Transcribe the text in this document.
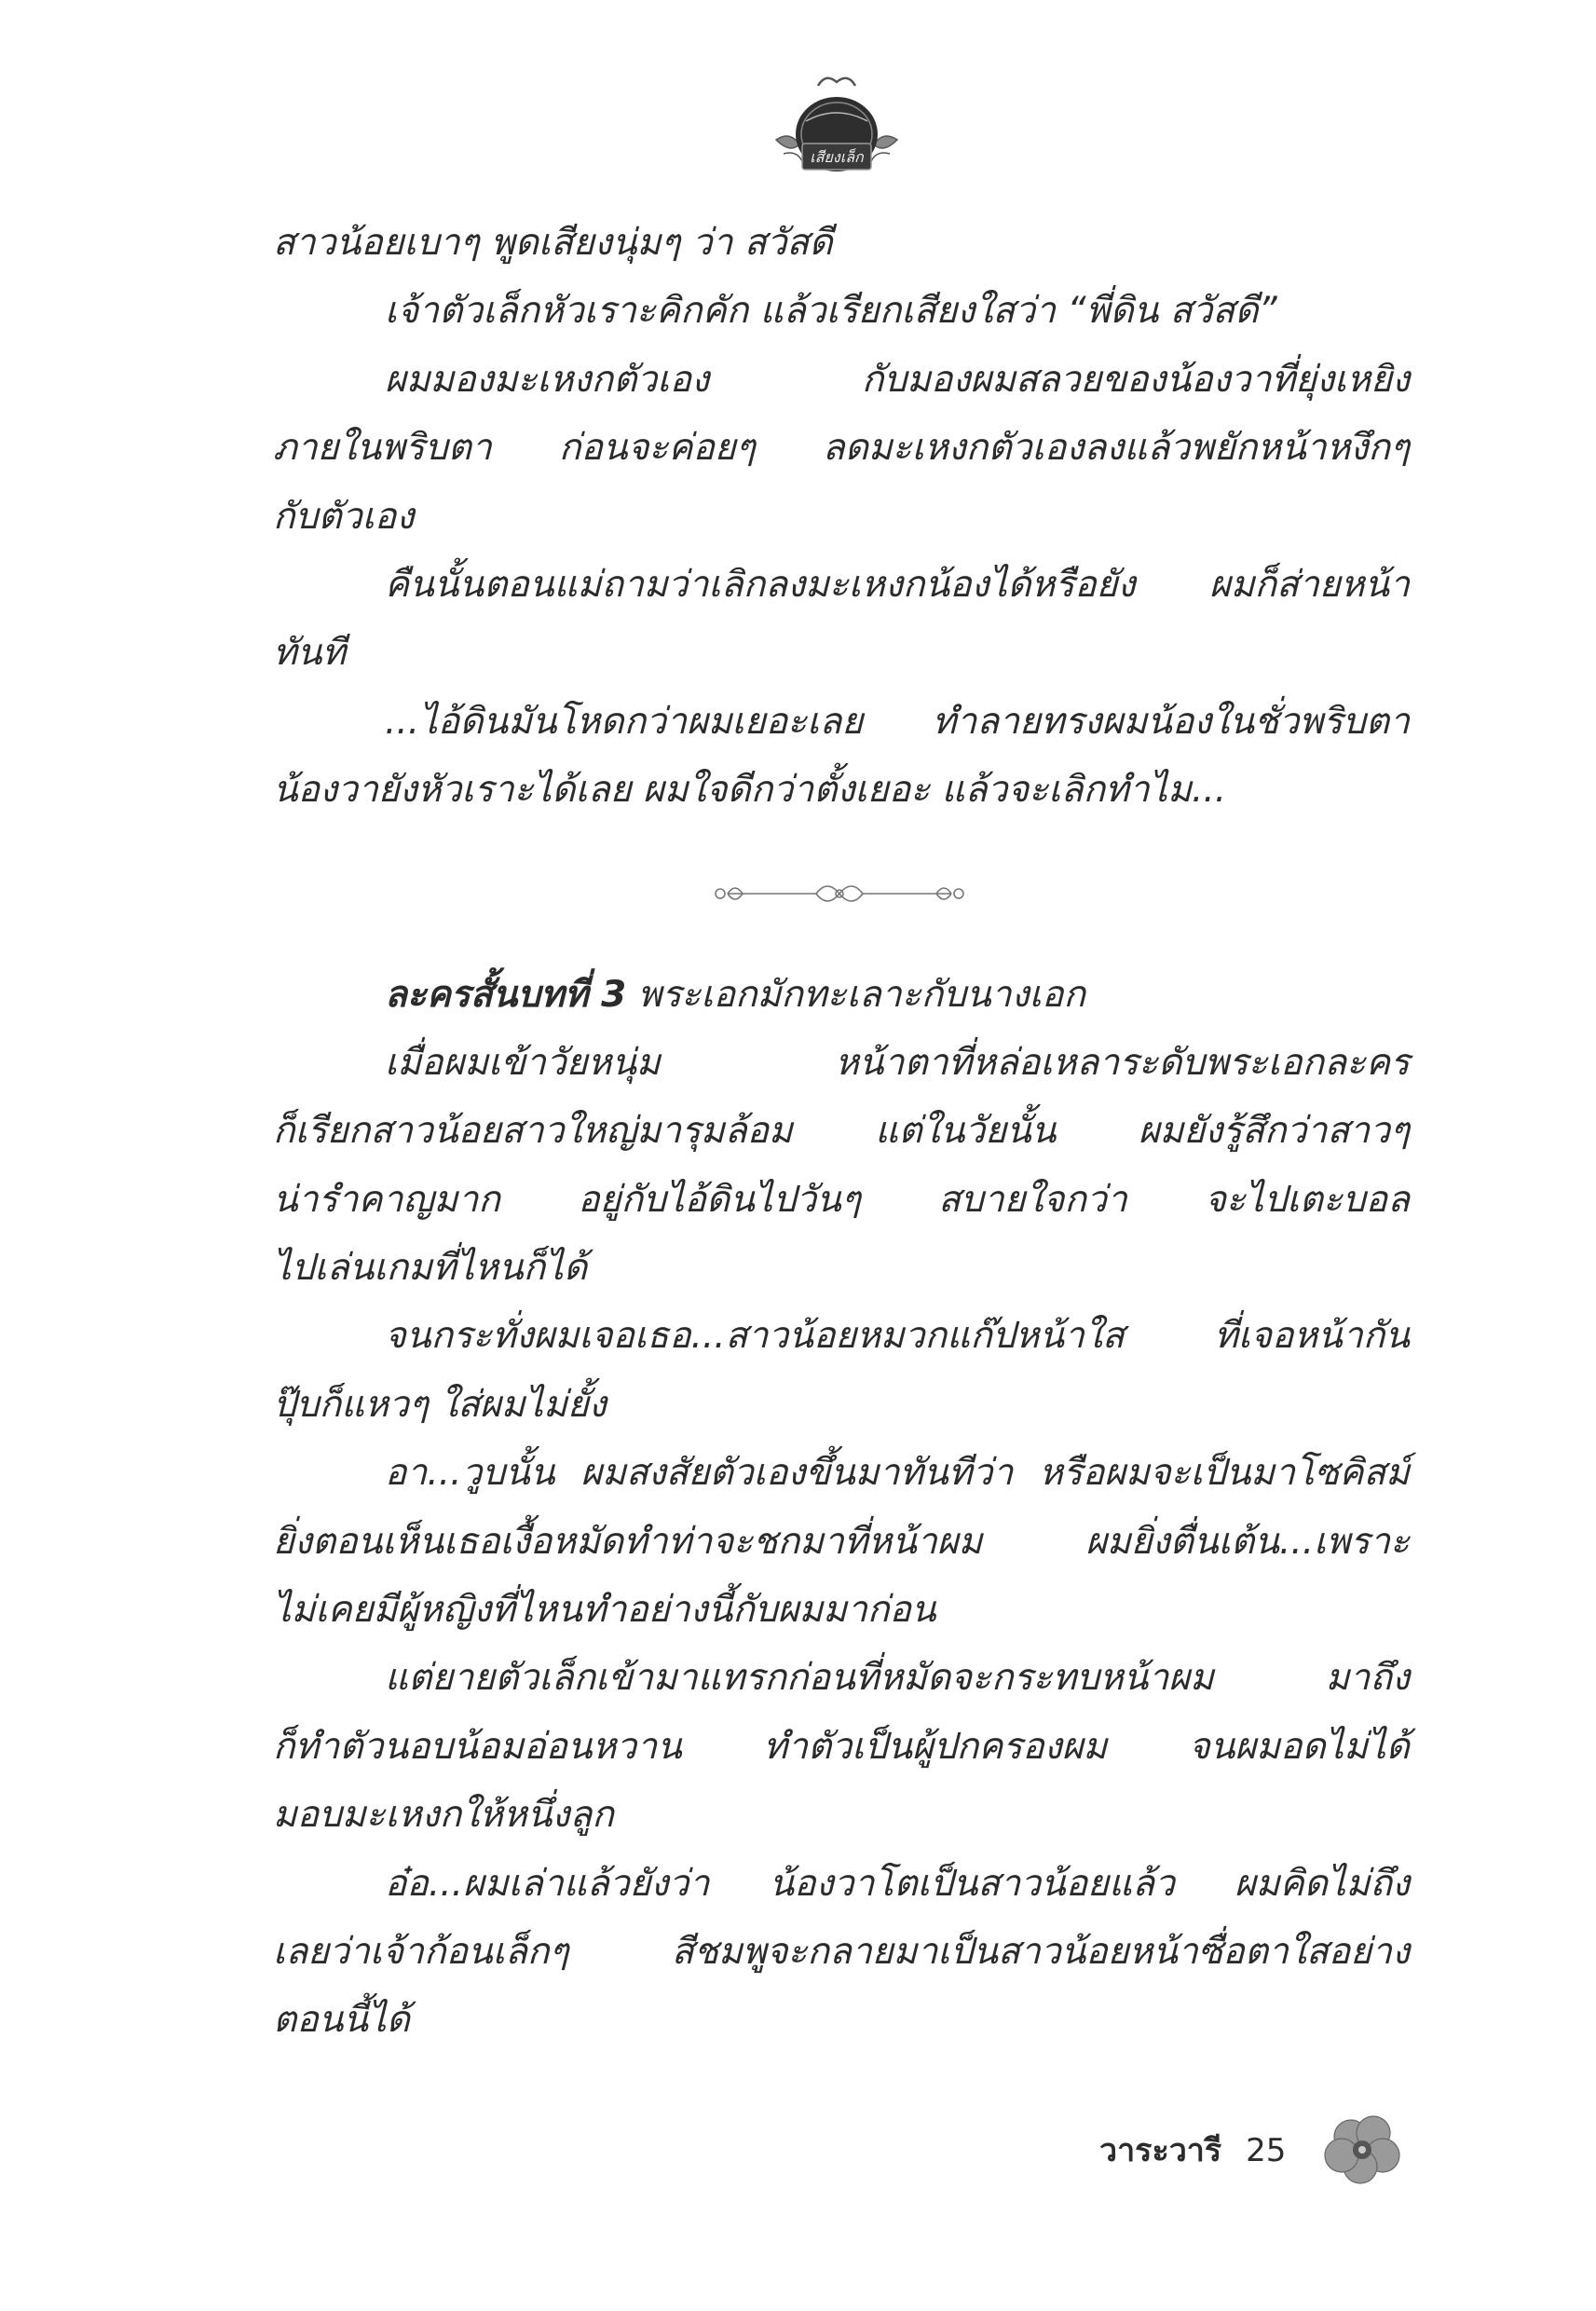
เสียงเล็ก
สาวน้อยเบาๆ พูดเสียงนุ่มๆ ว่า สวัสดี
เจ้าตัวเล็กหัวเราะคิกคัก แล้วเรียกเสียงใสว่า “พี่ดิน สวัสดี”
ผมมองมะเหงกตัวเอง กับมองผมสลวยของน้องวาที่ยุ่งเหยิง
ภายในพริบตา ก่อนจะค่อยๆ ลดมะเหงกตัวเองลงแล้วพยักหน้าหงึกๆ
กับตัวเอง
คืนนั้นตอนแม่ถามว่าเลิกลงมะเหงกน้องได้หรือยัง ผมก็ส่ายหน้า
ทันที
...ไอ้ดินมันโหดกว่าผมเยอะเลย ทำลายทรงผมน้องในชั่วพริบตา
น้องวายังหัวเราะได้เลย ผมใจดีกว่าตั้งเยอะ แล้วจะเลิกทำไม...
ละครสั้นบทที่ 3 พระเอกมักทะเลาะกับนางเอก
เมื่อผมเข้าวัยหนุ่ม หน้าตาที่หล่อเหลาระดับพระเอกละคร
ก็เรียกสาวน้อยสาวใหญ่มารุมล้อม แต่ในวัยนั้น ผมยังรู้สึกว่าสาวๆ
น่ารำคาญมาก อยู่กับไอ้ดินไปวันๆ สบายใจกว่า จะไปเตะบอล
ไปเล่นเกมที่ไหนก็ได้
จนกระทั่งผมเจอเธอ...สาวน้อยหมวกแก๊ปหน้าใส ที่เจอหน้ากัน
ปุ๊บก็แหวๆ ใส่ผมไม่ยั้ง
อา...วูบนั้น ผมสงสัยตัวเองขึ้นมาทันทีว่า หรือผมจะเป็นมาโซคิสม์
ยิ่งตอนเห็นเธอเงื้อหมัดทำท่าจะชกมาที่หน้าผม ผมยิ่งตื่นเต้น...เพราะ
ไม่เคยมีผู้หญิงที่ไหนทำอย่างนี้กับผมมาก่อน
แต่ยายตัวเล็กเข้ามาแทรกก่อนที่หมัดจะกระทบหน้าผม มาถึง
ก็ทำตัวนอบน้อมอ่อนหวาน ทำตัวเป็นผู้ปกครองผม จนผมอดไม่ได้
มอบมะเหงกให้หนึ่งลูก
อ๋อ...ผมเล่าแล้วยังว่า น้องวาโตเป็นสาวน้อยแล้ว ผมคิดไม่ถึง
เลยว่าเจ้าก้อนเล็กๆ สีชมพูจะกลายมาเป็นสาวน้อยหน้าซื่อตาใสอย่าง
ตอนนี้ได้
วาระวารี 25
